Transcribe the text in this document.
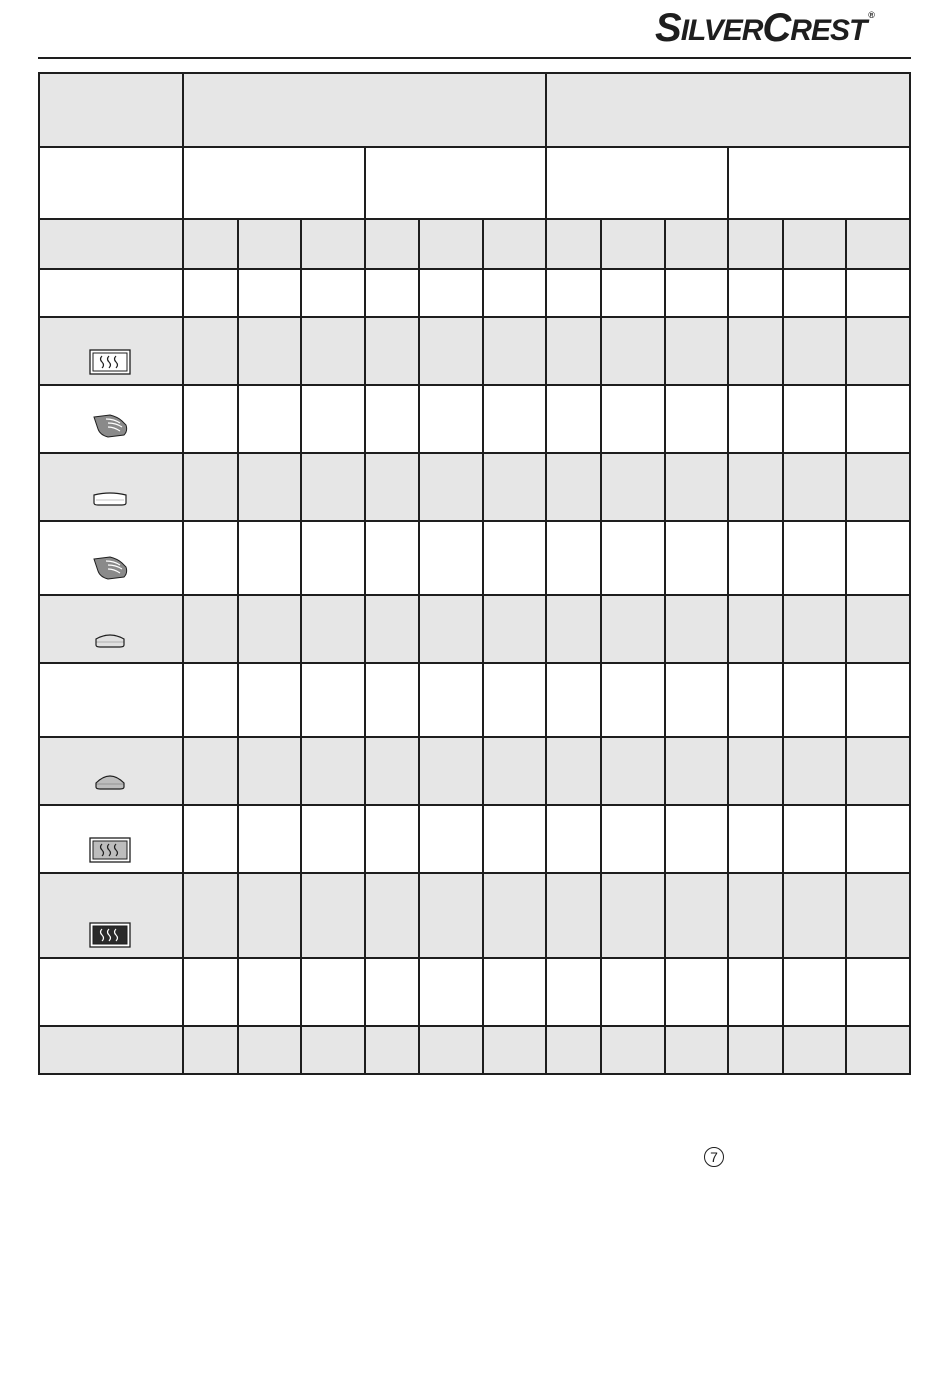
S ILVER C REST ®
7
